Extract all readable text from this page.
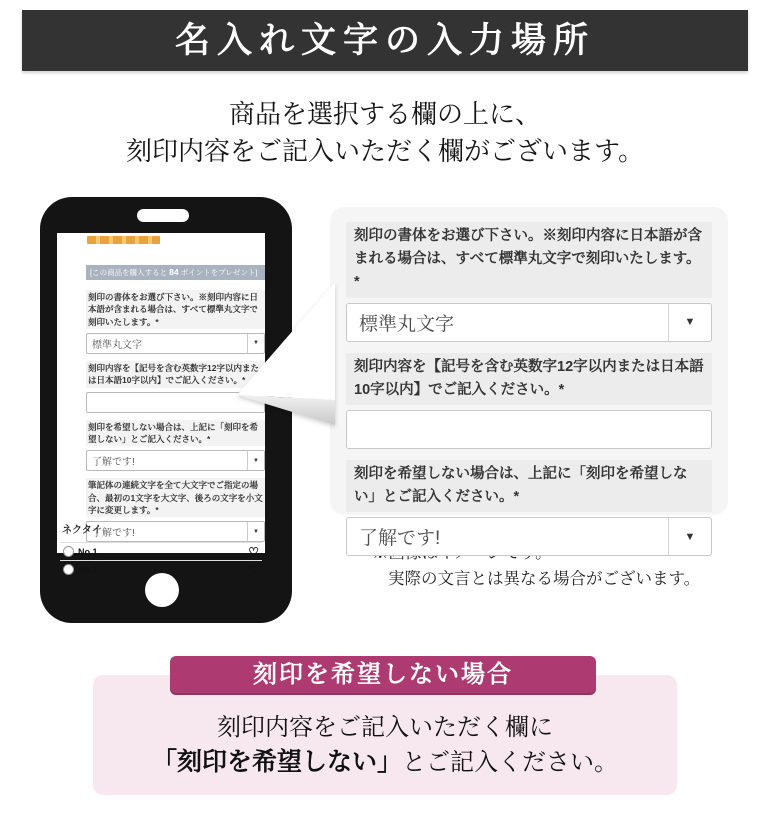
名入れ文字の入力場所
商品を選択する欄の上に、
刻印内容をご記入いただく欄がございます。
[この商品を購入すると 84 ポイントをプレゼント]

刻印の書体をお選び下さい。※刻印内容に日本語が含まれる場合は、すべて標準丸文字で刻印いたします。*

標準丸文字	▼

刻印内容を【記号を含む英数字12字以内または日本語10字以内】でご記入ください。*

刻印を希望しない場合は、上記に「刻印を希望しない」とご記入ください。*

了解です!	▼

筆記体の連続文字を全て大文字でご指定の場合、最初の1文字を大文字、後ろの文字を小文字に変更します。*

了解です!	▼
ネクタイ
No.1	♡
No.2	♡

刻印の書体をお選び下さい。※刻印内容に日本語が含まれる場合は、すべて標準丸文字で刻印いたします。*

標準丸文字	▼

刻印内容を【記号を含む英数字12字以内または日本語10字以内】でご記入ください。*

刻印を希望しない場合は、上記に「刻印を希望しない」とご記入ください。*

了解です!	▼
実際の文言とは異なる場合がございます。
刻印内容をご記入いただく欄に
「刻印を希望しない」とご記入ください。
刻印を希望しない場合
